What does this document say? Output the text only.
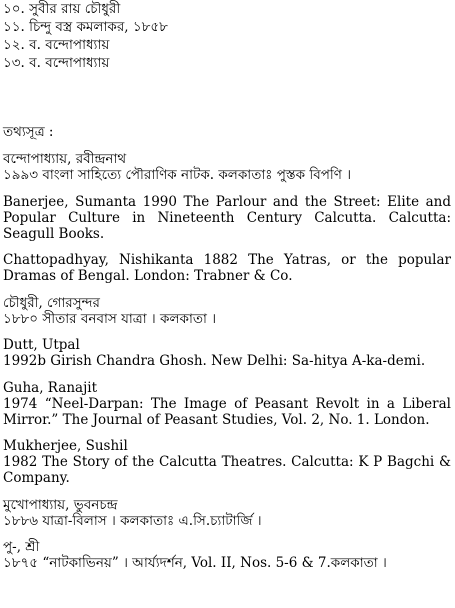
১০. সুবীর রায় চৌধুরী
১১. চিন্দু বস্ত্র কমলাকর, ১৮৫৮
১২. ব. বন্দোপাধ্যায়
১৩. ব. বন্দোপাধ্যায়
তথ্যসূত্র :
বন্দোপাধ্যায়, রবীন্দ্রনাথ
১৯৯৩ বাংলা সাহিত্যে পৌরাণিক নাটক. কলকাতাঃ পুস্তক বিপণি ।
Banerjee, Sumanta 1990 The Parlour and the Street: Elite and Popular Culture in Nineteenth Century Calcutta. Calcutta: Seagull Books.
Chattopadhyay, Nishikanta 1882 The Yatras, or the popular Dramas of Bengal. London: Trabner & Co.
চৌধুরী, গোরসুন্দর
১৮৮০ সীতার বনবাস যাত্রা । কলকাতা ।
Dutt, Utpal
1992b Girish Chandra Ghosh. New Delhi: Sa-hitya A-ka-demi.
Guha, Ranajit
1974 “Neel-Darpan: The Image of Peasant Revolt in a Liberal Mirror.” The Journal of Peasant Studies, Vol. 2, No. 1. London.
Mukherjee, Sushil
1982 The Story of the Calcutta Theatres. Calcutta: K P Bagchi & Company.
মুখোপাধ্যায়, ভুবনচন্দ্র
১৮৮৬ যাত্রা-বিলাস । কলকাতাঃ এ.সি.চ্যাটার্জি ।
পু-, শ্রী
১৮৭৫ “নাটকাভিনয়” । আর্য্যদর্শন, Vol. II, Nos. 5-6 & 7.কলকাতা ।
